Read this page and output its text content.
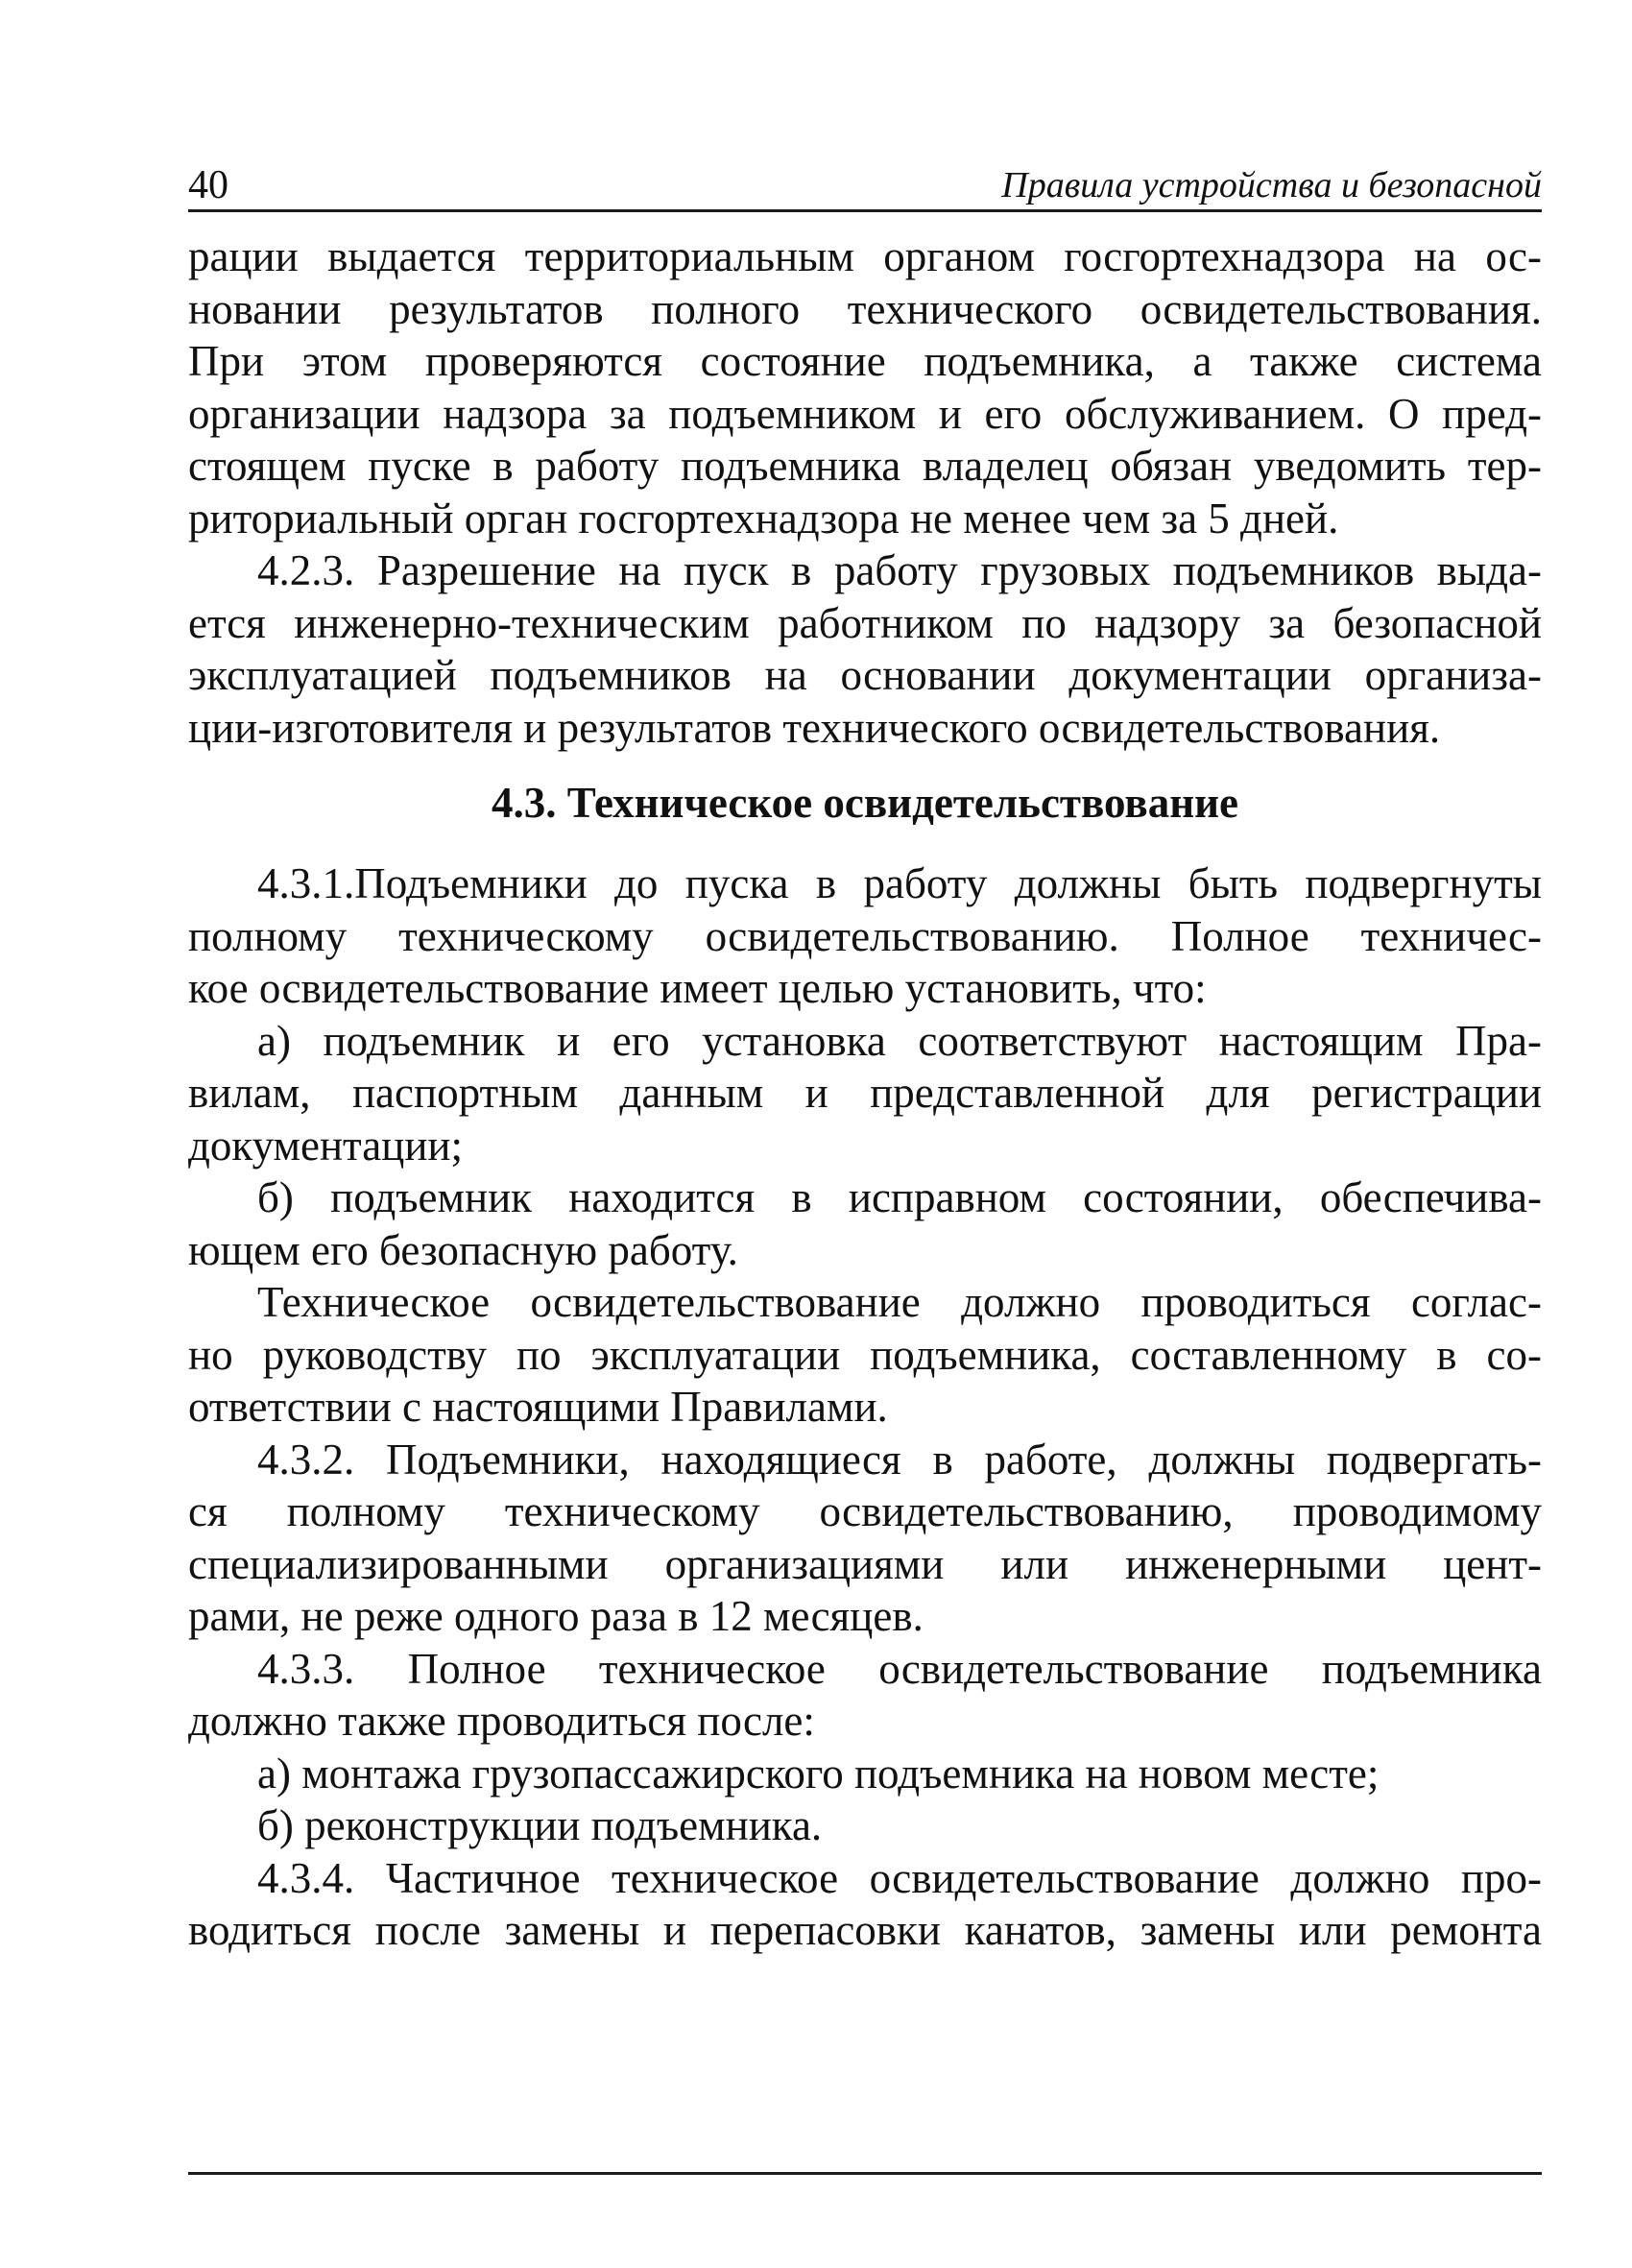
40	Правила устройства и безопасной
рации выдается территориальным органом госгортехнадзора на ос-
новании результатов полного технического освидетельствования.
При этом проверяются состояние подъемника, а также система
организации надзора за подъемником и его обслуживанием. О пред-
стоящем пуске в работу подъемника владелец обязан уведомить тер-
риториальный орган госгортехнадзора не менее чем за 5 дней.
4.2.3. Разрешение на пуск в работу грузовых подъемников выда-
ется инженерно-техническим работником по надзору за безопасной
эксплуатацией подъемников на основании документации организа-
ции-изготовителя и результатов технического освидетельствования.
4.3. Техническое освидетельствование
4.3.1.Подъемники до пуска в работу должны быть подвергнуты
полному техническому освидетельствованию. Полное техничес-
кое освидетельствование имеет целью установить, что:
а) подъемник и его установка соответствуют настоящим Пра-
вилам, паспортным данным и представленной для регистрации
документации;
б) подъемник находится в исправном состоянии, обеспечива-
ющем его безопасную работу.
Техническое освидетельствование должно проводиться соглас-
но руководству по эксплуатации подъемника, составленному в со-
ответствии с настоящими Правилами.
4.3.2. Подъемники, находящиеся в работе, должны подвергать-
ся полному техническому освидетельствованию, проводимому
специализированными организациями или инженерными цент-
рами, не реже одного раза в 12 месяцев.
4.3.3. Полное техническое освидетельствование подъемника
должно также проводиться после:
а) монтажа грузопассажирского подъемника на новом месте;
б) реконструкции подъемника.
4.3.4. Частичное техническое освидетельствование должно про-
водиться после замены и перепасовки канатов, замены или ремонта
